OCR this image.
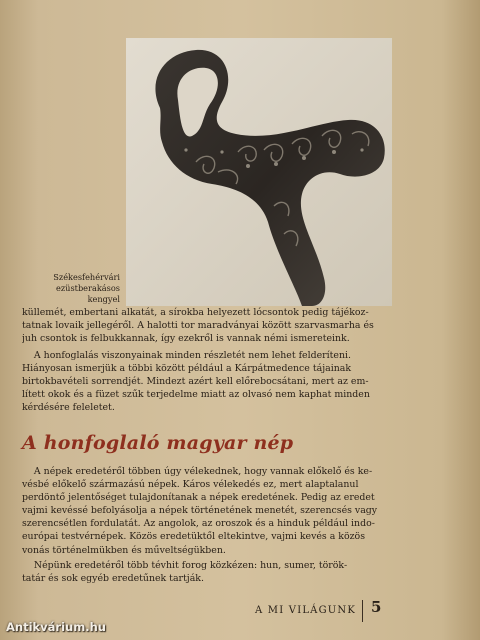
Székesfehérvári
ezüstberakásos kengyel
küllemét, embertani alkatát, a sírokba helyezett lócsontok pedig tájékoz-
tatnak lovaik jellegéről. A halotti tor maradványai között szarvasmarha és
juh csontok is felbukkannak, így ezekről is vannak némi ismereteink.
A honfoglalás viszonyainak minden részletét nem lehet felderíteni.
Hiányosan ismerjük a többi között például a Kárpátmedence tájainak
birtokbavételi sorrendjét. Mindezt azért kell előrebocsátani, mert az em-
lített okok és a füzet szűk terjedelme miatt az olvasó nem kaphat minden
kérdésére feleletet.
A honfoglaló magyar nép
A népek eredetéről többen úgy vélekednek, hogy vannak előkelő és ke-
vésbé előkelő származású népek. Káros vélekedés ez, mert alaptalanul
perdöntő jelentőséget tulajdonítanak a népek eredetének. Pedig az eredet
vajmi kevéssé befolyásolja a népek történetének menetét, szerencsés vagy
szerencsétlen fordulatát. Az angolok, az oroszok és a hinduk például indo-
európai testvérnépek. Közös eredetüktől eltekintve, vajmi kevés a közös
vonás történelmükben és műveltségükben.
Népünk eredetéről több tévhit forog közkézen: hun, sumer, török-
tatár és sok egyéb eredetűnek tartják.
A MI VILÁGUNK 5
Antikvárium.hu
